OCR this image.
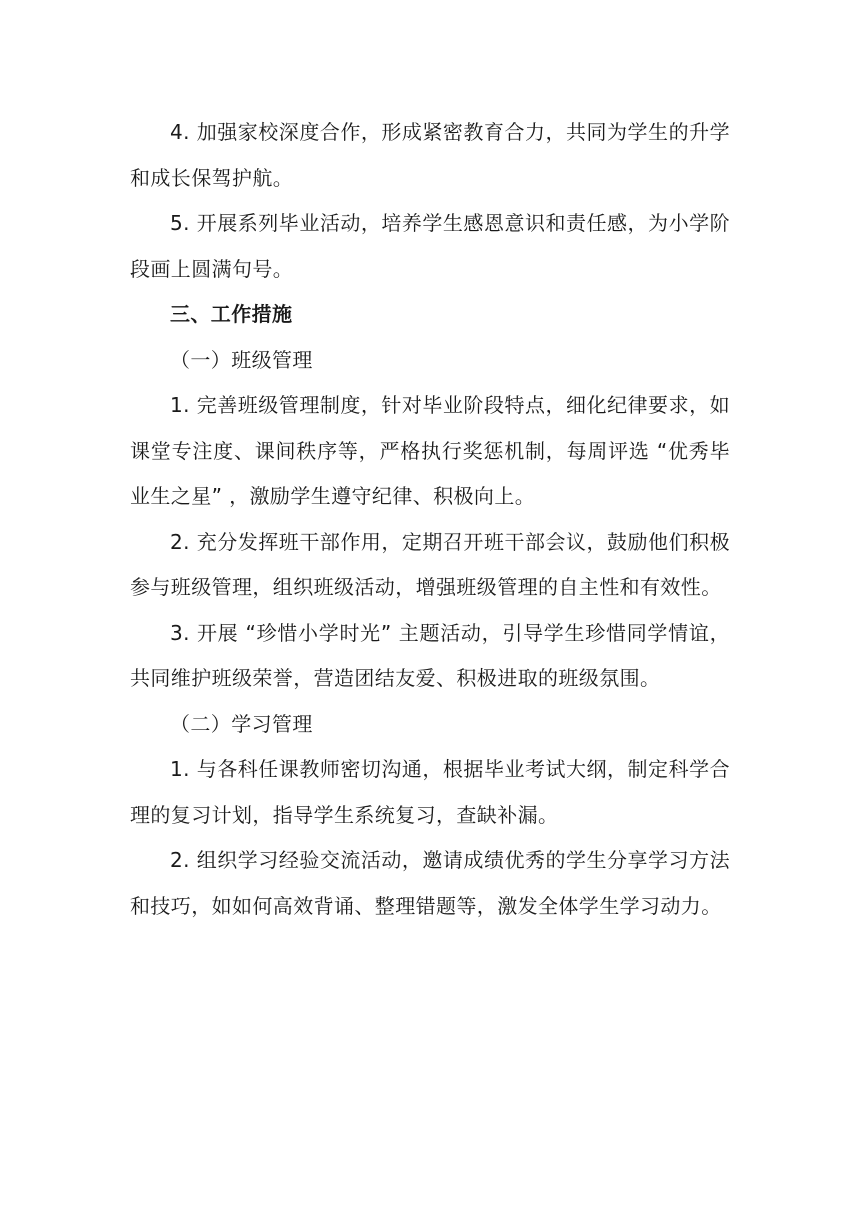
4. 加强家校深度合作，形成紧密教育合力，共同为学生的升学和成长保驾护航。

5. 开展系列毕业活动，培养学生感恩意识和责任感，为小学阶段画上圆满句号。

三、工作措施

（一）班级管理

1. 完善班级管理制度，针对毕业阶段特点，细化纪律要求，如课堂专注度、课间秩序等，严格执行奖惩机制，每周评选 “优秀毕业生之星” ，激励学生遵守纪律、积极向上。

2. 充分发挥班干部作用，定期召开班干部会议，鼓励他们积极参与班级管理，组织班级活动，增强班级管理的自主性和有效性。

3. 开展 “珍惜小学时光” 主题活动，引导学生珍惜同学情谊，共同维护班级荣誉，营造团结友爱、积极进取的班级氛围。

（二）学习管理

1. 与各科任课教师密切沟通，根据毕业考试大纲，制定科学合理的复习计划，指导学生系统复习，查缺补漏。

2. 组织学习经验交流活动，邀请成绩优秀的学生分享学习方法和技巧，如如何高效背诵、整理错题等，激发全体学生学习动力。
